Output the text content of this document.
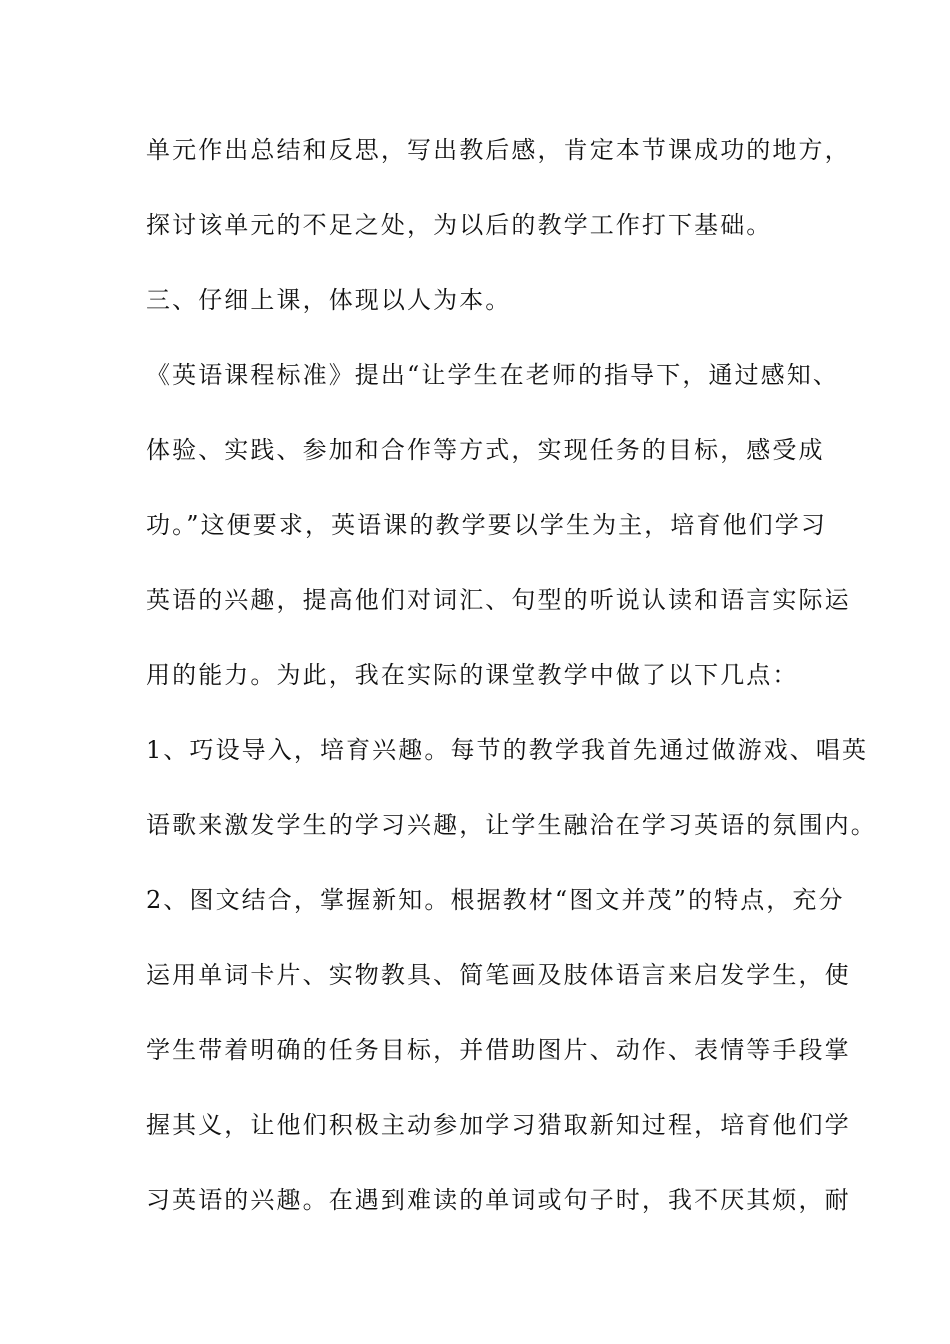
单元作出总结和反思，写出教后感，肯定本节课成功的地方，
探讨该单元的不足之处，为以后的教学工作打下基础。
三、仔细上课，体现以人为本。
《英语课程标准》提出“让学生在老师的指导下，通过感知、
体验、实践、参加和合作等方式，实现任务的目标，感受成
功。”这便要求，英语课的教学要以学生为主，培育他们学习
英语的兴趣，提高他们对词汇、句型的听说认读和语言实际运
用的能力。为此，我在实际的课堂教学中做了以下几点：
1、巧设导入，培育兴趣。每节的教学我首先通过做游戏、唱英
语歌来激发学生的学习兴趣，让学生融洽在学习英语的氛围内。
2、图文结合，掌握新知。根据教材“图文并茂”的特点，充分
运用单词卡片、实物教具、简笔画及肢体语言来启发学生，使
学生带着明确的任务目标，并借助图片、动作、表情等手段掌
握其义，让他们积极主动参加学习猎取新知过程，培育他们学
习英语的兴趣。在遇到难读的单词或句子时，我不厌其烦，耐
